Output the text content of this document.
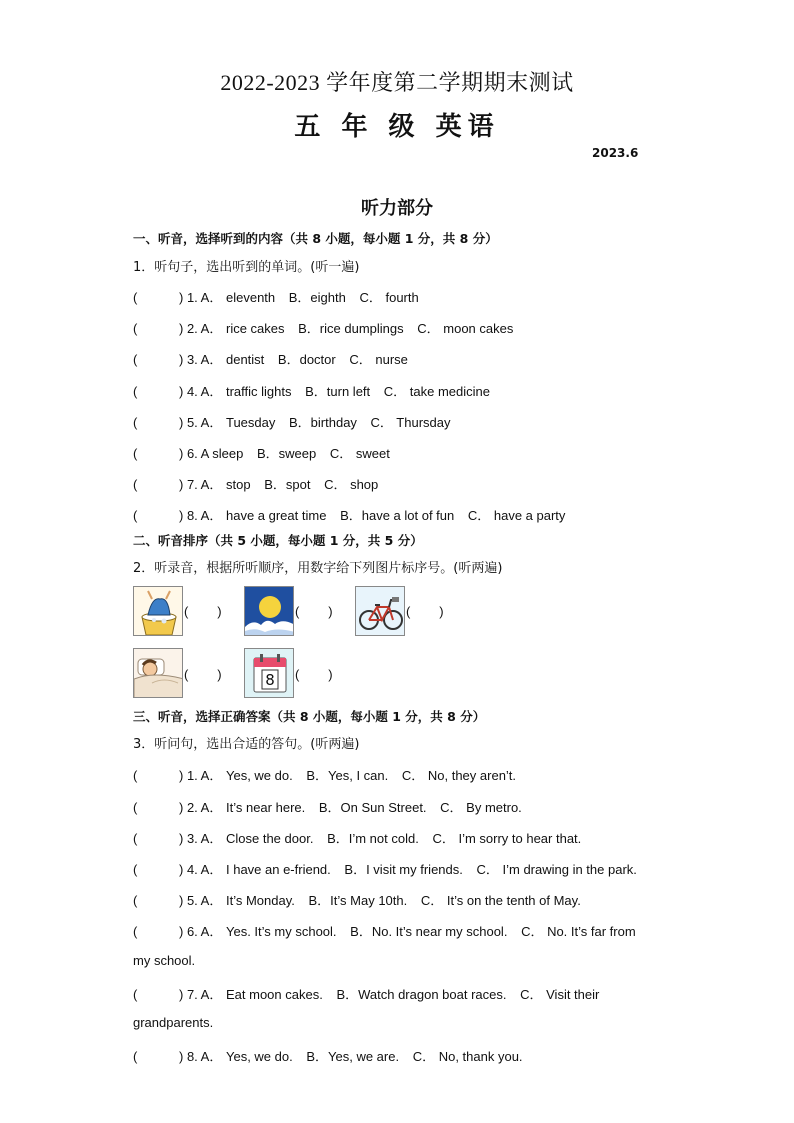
2022-2023 学年度第二学期期末测试
五 年 级 英语
2023.6
听力部分
一、听音，选择听到的内容（共 8 小题，每小题 1 分，共 8 分）
1．听句子，选出听到的单词。(听一遍)
(	) 1. A． eleventh B．eighth C． fourth
(	) 2. A． rice cakes B．rice dumplings C． moon cakes
(	) 3. A． dentist B．doctor C． nurse
(	) 4. A． traffic lights B．turn left C． take medicine
(	) 5. A． Tuesday B．birthday C． Thursday
(	) 6. A sleep B．sweep C． sweet
(	) 7. A． stop B．spot C． shop
(	) 8. A． have a great time B．have a lot of fun C． have a party
二、听音排序（共 5 小题，每小题 1 分，共 5 分）
2．听录音，根据所听顺序，用数字给下列图片标序号。(听两遍)
(        )	(        )	(        )
(        )	8 (        )
三、听音，选择正确答案（共 8 小题，每小题 1 分，共 8 分）
3．听问句，选出合适的答句。(听两遍)
(	) 1. A． Yes, we do. B．Yes, I can. C． No, they aren’t.
(	) 2. A． It’s near here. B．On Sun Street. C． By metro.
(	) 3. A． Close the door. B．I’m not cold. C． I’m sorry to hear that.
(	) 4. A． I have an e-friend. B．I visit my friends. C． I’m drawing in the park.
(	) 5. A． It’s Monday. B．It’s May 10th. C． It’s on the tenth of May.
(	) 6. A． Yes. It’s my school. B．No. It’s near my school. C． No. It’s far from
my school.
(	) 7. A． Eat moon cakes. B．Watch dragon boat races. C． Visit their
grandparents.
(	) 8. A． Yes, we do. B．Yes, we are. C． No, thank you.
